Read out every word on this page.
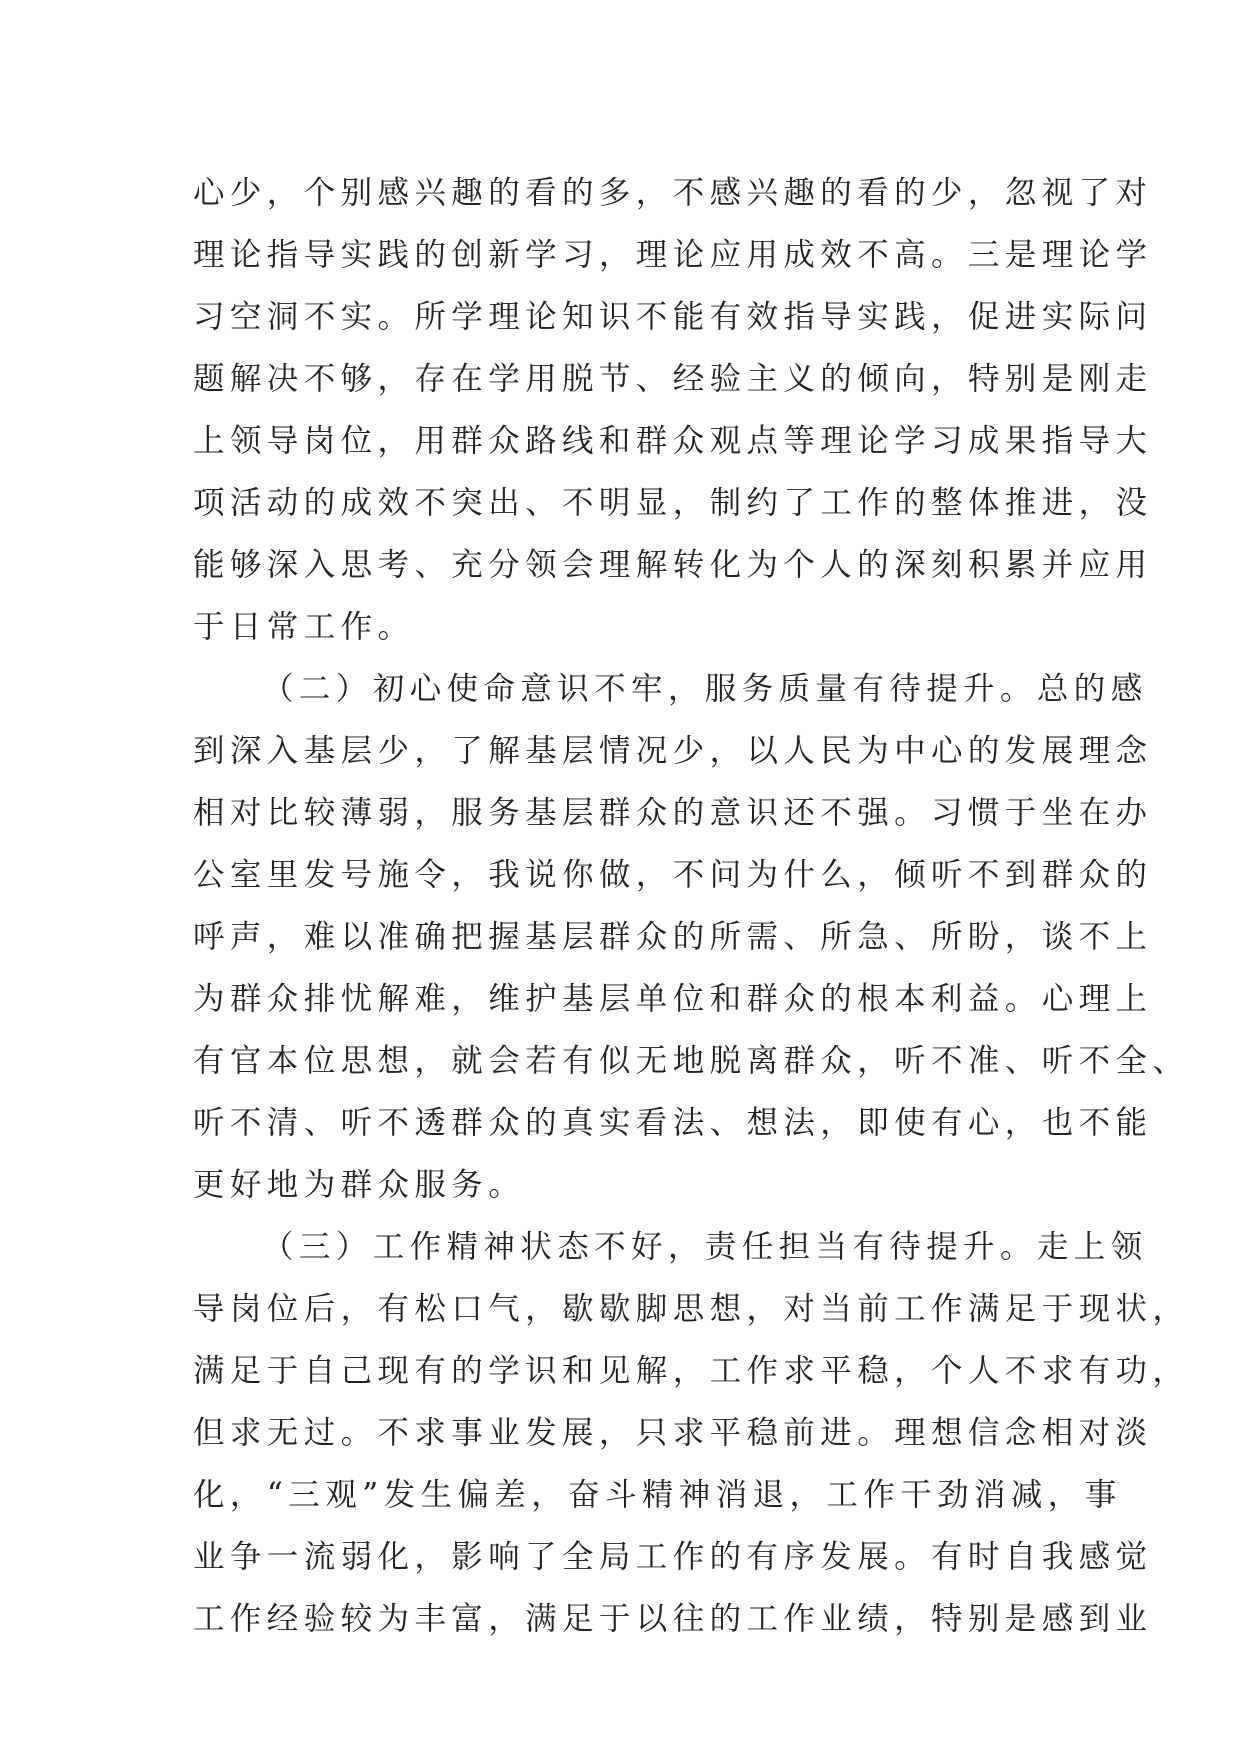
心少，个别感兴趣的看的多，不感兴趣的看的少，忽视了对
理论指导实践的创新学习，理论应用成效不高。三是理论学
习空洞不实。所学理论知识不能有效指导实践，促进实际问
题解决不够，存在学用脱节、经验主义的倾向，特别是刚走
上领导岗位，用群众路线和群众观点等理论学习成果指导大
项活动的成效不突出、不明显，制约了工作的整体推进，没
能够深入思考、充分领会理解转化为个人的深刻积累并应用
于日常工作。
（二）初心使命意识不牢，服务质量有待提升。总的感
到深入基层少，了解基层情况少，以人民为中心的发展理念
相对比较薄弱，服务基层群众的意识还不强。习惯于坐在办
公室里发号施令，我说你做，不问为什么，倾听不到群众的
呼声，难以准确把握基层群众的所需、所急、所盼，谈不上
为群众排忧解难，维护基层单位和群众的根本利益。心理上
有官本位思想，就会若有似无地脱离群众，听不准、听不全、
听不清、听不透群众的真实看法、想法，即使有心，也不能
更好地为群众服务。
（三）工作精神状态不好，责任担当有待提升。走上领
导岗位后，有松口气，歇歇脚思想，对当前工作满足于现状，
满足于自己现有的学识和见解，工作求平稳，个人不求有功，
但求无过。不求事业发展，只求平稳前进。理想信念相对淡
化，“三观”发生偏差，奋斗精神消退，工作干劲消减，事
业争一流弱化，影响了全局工作的有序发展。有时自我感觉
工作经验较为丰富，满足于以往的工作业绩，特别是感到业
